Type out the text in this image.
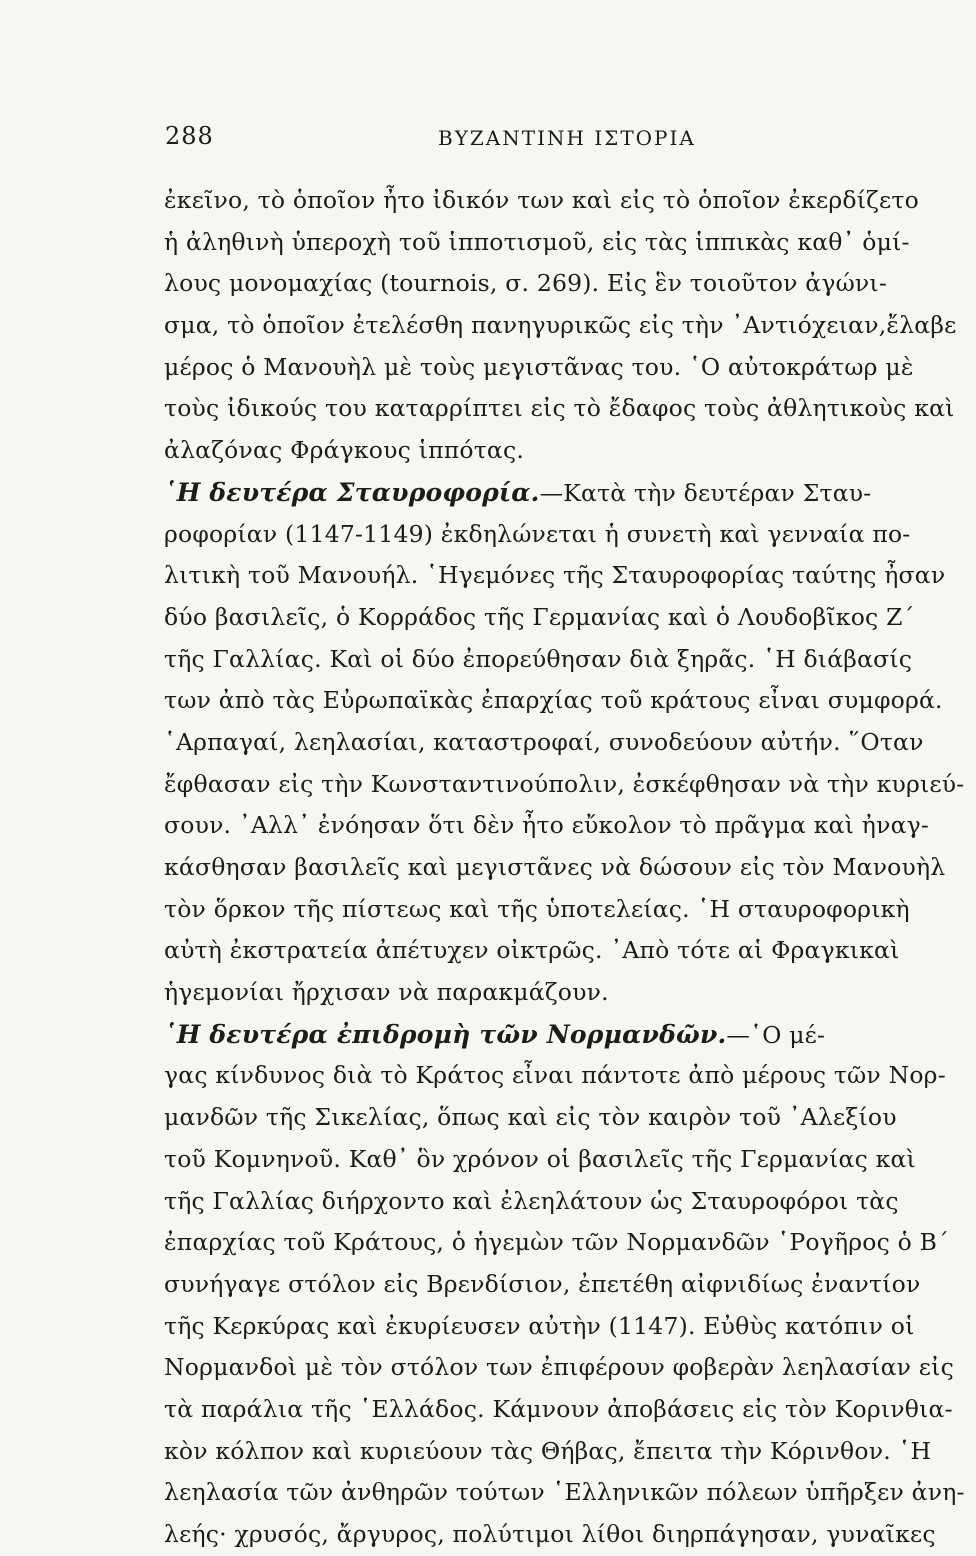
288	ΒΥΖΑΝΤΙΝΗ ΙΣΤΟΡΙΑ
ἐκεῖνο, τὸ ὁποῖον ἦτο ἰδικόν των καὶ εἰς τὸ ὁποῖον ἐκερδίζετο
ἡ ἀληθινὴ ὑπεροχὴ τοῦ ἱπποτισμοῦ, εἰς τὰς ἱππικὰς καθ᾿ ὁμί-
λους μονομαχίας (tournois, σ. 269). Εἰς ἓν τοιοῦτον ἀγώνι-
σμα, τὸ ὁποῖον ἐτελέσθη πανηγυρικῶς εἰς τὴν ᾿Αντιόχειαν,ἔλαβε
μέρος ὁ Μανουὴλ μὲ τοὺς μεγιστᾶνας του. ῾Ο αὐτοκράτωρ μὲ
τοὺς ἰδικούς του καταρρίπτει εἰς τὸ ἔδαφος τοὺς ἀθλητικοὺς καὶ
ἀλαζόνας Φράγκους ἱππότας.
῾Η δευτέρα Σταυροφορία.—Κατὰ τὴν δευτέραν Σταυ-
ροφορίαν (1147-1149) ἐκδηλώνεται ἡ συνετὴ καὶ γενναία πο-
λιτικὴ τοῦ Μανουήλ. ῾Ηγεμόνες τῆς Σταυροφορίας ταύτης ἦσαν
δύο βασιλεῖς, ὁ Κορράδος τῆς Γερμανίας καὶ ὁ Λουδοβῖκος Ζ´
τῆς Γαλλίας. Καὶ οἱ δύο ἐπορεύθησαν διὰ ξηρᾶς. ῾Η διάβασίς
των ἀπὸ τὰς Εὐρωπαϊκὰς ἐπαρχίας τοῦ κράτους εἶναι συμφορά.
῾Αρπαγαί, λεηλασίαι, καταστροφαί, συνοδεύουν αὐτήν. ῞Οταν
ἔφθασαν εἰς τὴν Κωνσταντινούπολιν, ἐσκέφθησαν νὰ τὴν κυριεύ-
σουν. ᾿Αλλ᾿ ἐνόησαν ὅτι δὲν ἦτο εὔκολον τὸ πρᾶγμα καὶ ἠναγ-
κάσθησαν βασιλεῖς καὶ μεγιστᾶνες νὰ δώσουν εἰς τὸν Μανουὴλ
τὸν ὅρκον τῆς πίστεως καὶ τῆς ὑποτελείας. ῾Η σταυροφορικὴ
αὐτὴ ἐκστρατεία ἀπέτυχεν οἰκτρῶς. ᾿Απὸ τότε αἱ Φραγκικαὶ
ἡγεμονίαι ἤρχισαν νὰ παρακμάζουν.
῾Η δευτέρα ἐπιδρομὴ τῶν Νορμανδῶν.—῾Ο μέ-
γας κίνδυνος διὰ τὸ Κράτος εἶναι πάντοτε ἀπὸ μέρους τῶν Νορ-
μανδῶν τῆς Σικελίας, ὅπως καὶ εἰς τὸν καιρὸν τοῦ ᾿Αλεξίου
τοῦ Κομνηνοῦ. Καθ᾿ ὃν χρόνον οἱ βασιλεῖς τῆς Γερμανίας καὶ
τῆς Γαλλίας διήρχοντο καὶ ἐλεηλάτουν ὡς Σταυροφόροι τὰς
ἐπαρχίας τοῦ Κράτους, ὁ ἡγεμὼν τῶν Νορμανδῶν ῾Ρογῆρος ὁ Β´
συνήγαγε στόλον εἰς Βρενδίσιον, ἐπετέθη αἰφνιδίως ἐναντίον
τῆς Κερκύρας καὶ ἐκυρίευσεν αὐτὴν (1147). Εὐθὺς κατόπιν οἱ
Νορμανδοὶ μὲ τὸν στόλον των ἐπιφέρουν φοβερὰν λεηλασίαν εἰς
τὰ παράλια τῆς ῾Ελλάδος. Κάμνουν ἀποβάσεις εἰς τὸν Κορινθια-
κὸν κόλπον καὶ κυριεύουν τὰς Θήβας, ἔπειτα τὴν Κόρινθον. ῾Η
λεηλασία τῶν ἀνθηρῶν τούτων ῾Ελληνικῶν πόλεων ὑπῆρξεν ἀνη-
λεής· χρυσός, ἄργυρος, πολύτιμοι λίθοι διηρπάγησαν, γυναῖκες
